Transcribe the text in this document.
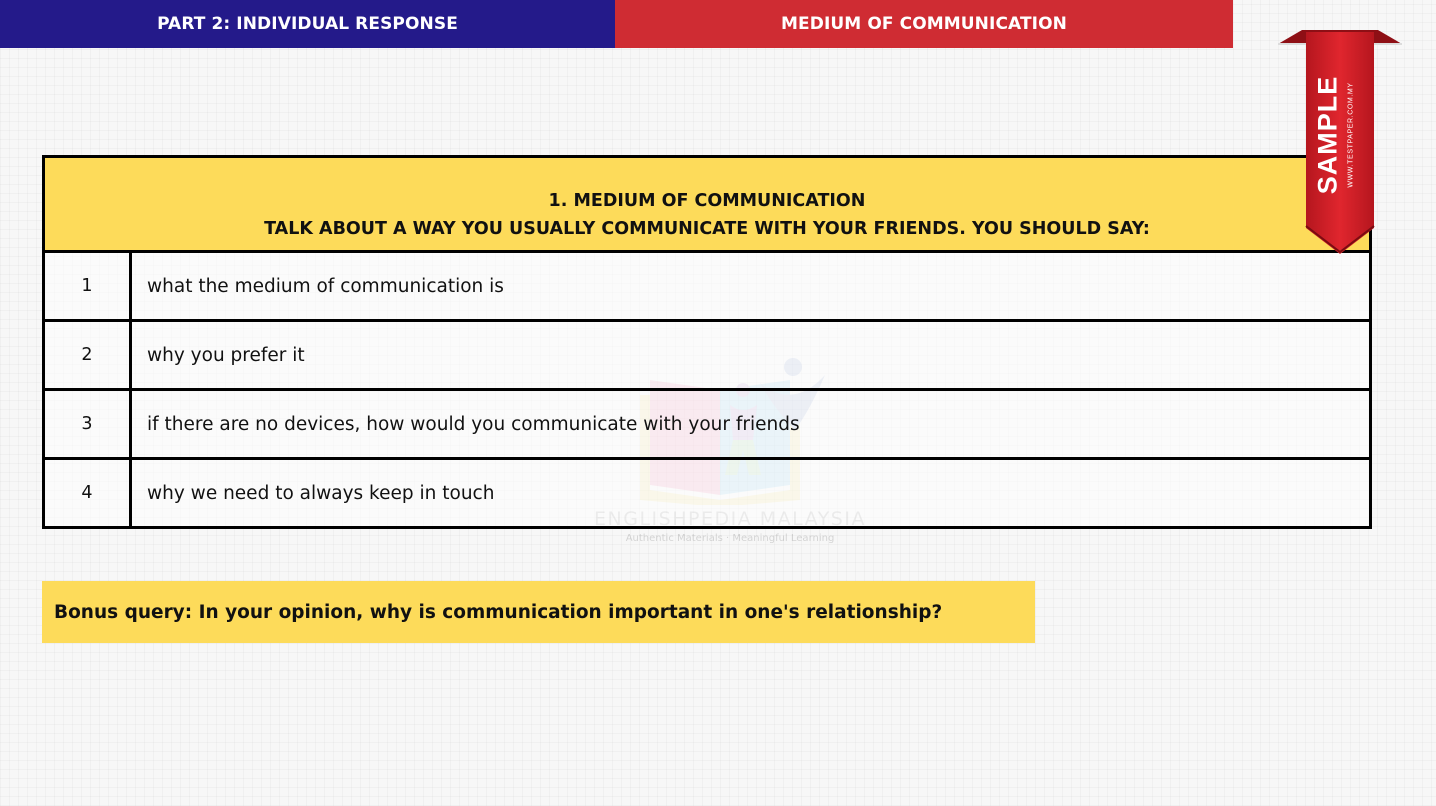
PART 2: INDIVIDUAL RESPONSE	MEDIUM OF COMMUNICATION
Authentic Materials · Meaningful Learning
1. MEDIUM OF COMMUNICATION
TALK ABOUT A WAY YOU USUALLY COMMUNICATE WITH YOUR FRIENDS. YOU SHOULD SAY:	

1	what the medium of communication is
2	why you prefer it
3	if there are no devices, how would you communicate with your friends
4	why we need to always keep in touch
Bonus query: In your opinion, why is communication important in one's relationship?
SAMPLE WWW.TESTPAPER.COM.MY
